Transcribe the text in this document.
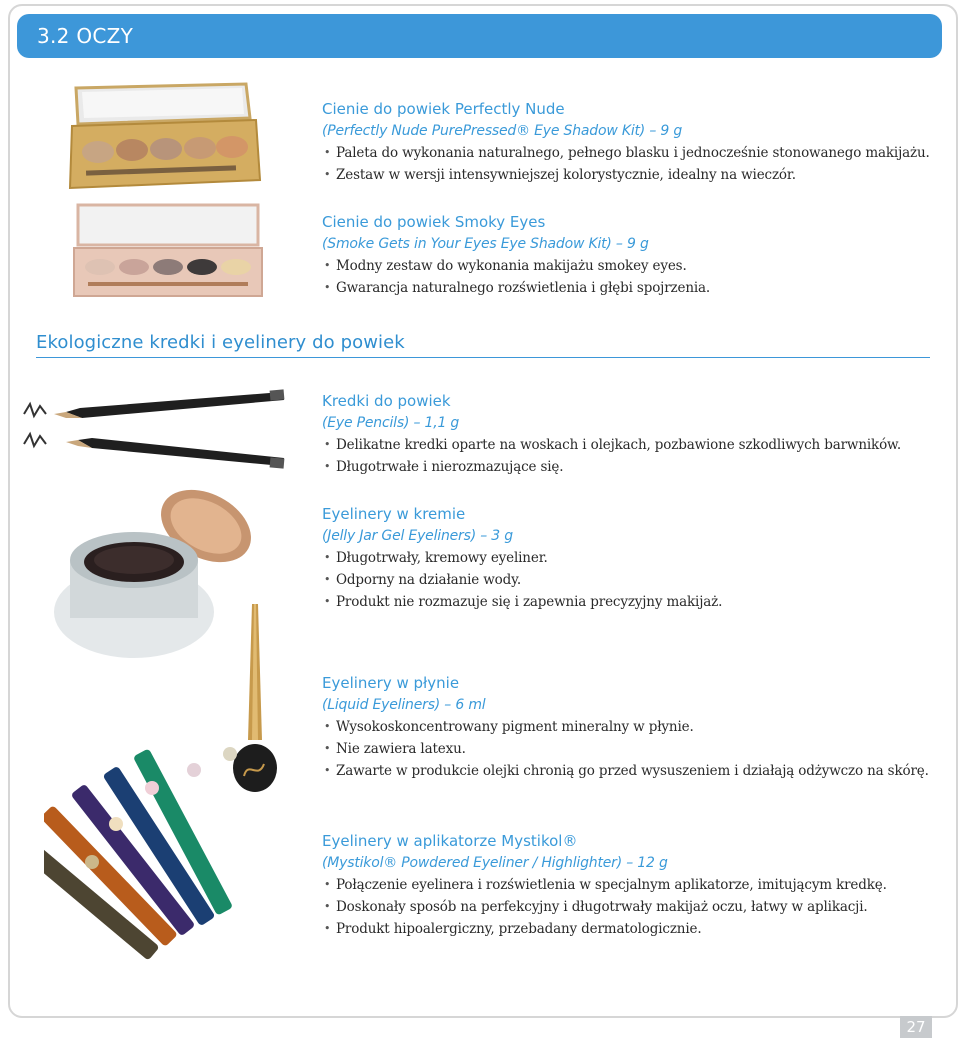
3.2 OCZY
Cienie do powiek Perfectly Nude
(Perfectly Nude PurePressed® Eye Shadow Kit) – 9 g
• Paleta do wykonania naturalnego, pełnego blasku i jednocześnie stonowanego makijażu.
• Zestaw w wersji intensywniejszej kolorystycznie, idealny na wieczór.
Cienie do powiek Smoky Eyes
(Smoke Gets in Your Eyes Eye Shadow Kit) – 9 g
• Modny zestaw do wykonania makijażu smokey eyes.
• Gwarancja naturalnego rozświetlenia i głębi spojrzenia.
Ekologiczne kredki i eyelinery do powiek
Kredki do powiek
(Eye Pencils) – 1,1 g
• Delikatne kredki oparte na woskach i olejkach, pozbawione szkodliwych barwników.
• Długotrwałe i nierozmazujące się.
Eyelinery w kremie
(Jelly Jar Gel Eyeliners) – 3 g
• Długotrwały, kremowy eyeliner.
• Odporny na działanie wody.
• Produkt nie rozmazuje się i zapewnia precyzyjny makijaż.
Eyelinery w płynie
(Liquid Eyeliners) – 6 ml
• Wysokoskoncentrowany pigment mineralny w płynie.
• Nie zawiera latexu.
• Zawarte w produkcie olejki chronią go przed wysuszeniem i działają odżywczo na skórę.
Eyelinery w aplikatorze Mystikol®
(Mystikol® Powdered Eyeliner / Highlighter) – 12 g
• Połączenie eyelinera i rozświetlenia w specjalnym aplikatorze, imitującym kredkę.
• Doskonały sposób na perfekcyjny i długotrwały makijaż oczu, łatwy w aplikacji.
• Produkt hipoalergiczny, przebadany dermatologicznie.
27
